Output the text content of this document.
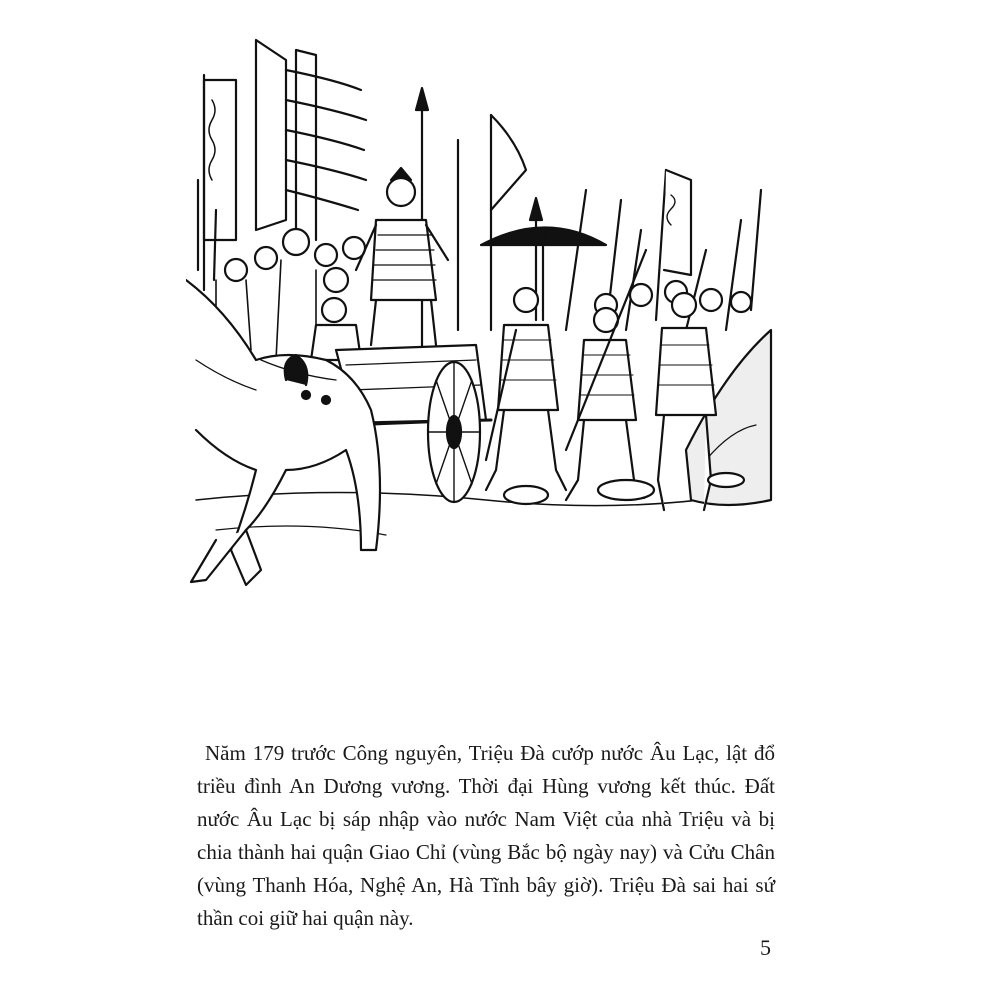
Năm 179 trước Công nguyên, Triệu Đà cướp nước Âu Lạc, lật đổ triều đình An Dương vương. Thời đại Hùng vương kết thúc. Đất nước Âu Lạc bị sáp nhập vào nước Nam Việt của nhà Triệu và bị chia thành hai quận Giao Chỉ (vùng Bắc bộ ngày nay) và Cửu Chân (vùng Thanh Hóa, Nghệ An, Hà Tĩnh bây giờ). Triệu Đà sai hai sứ thần coi giữ hai quận này.

5
